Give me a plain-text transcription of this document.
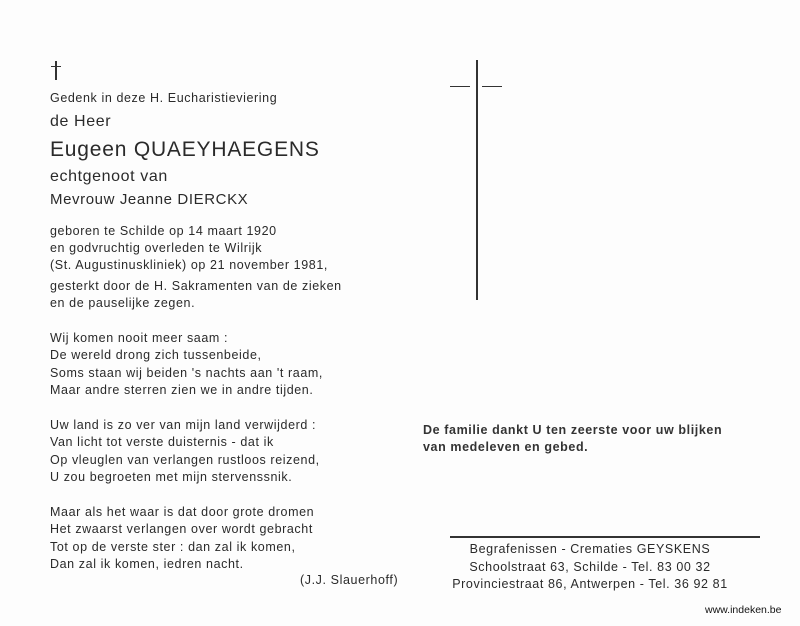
Gedenk in deze H. Eucharistieviering
de Heer
Eugeen QUAEYHAEGENS
echtgenoot van
Mevrouw Jeanne DIERCKX
geboren te Schilde op 14 maart 1920
en godvruchtig overleden te Wilrijk
(St. Augustinuskliniek) op 21 november 1981,
gesterkt door de H. Sakramenten van de zieken
en de pauselijke zegen.
Wij komen nooit meer saam :
De wereld drong zich tussenbeide,
Soms staan wij beiden 's nachts aan 't raam,
Maar andre sterren zien we in andre tijden.
Uw land is zo ver van mijn land verwijderd :
Van licht tot verste duisternis - dat ik
Op vleuglen van verlangen rustloos reizend,
U zou begroeten met mijn stervenssnik.
Maar als het waar is dat door grote dromen
Het zwaarst verlangen over wordt gebracht
Tot op de verste ster : dan zal ik komen,
Dan zal ik komen, iedren nacht.
(J.J. Slauerhoff)
De familie dankt U ten zeerste voor uw blijken
van medeleven en gebed.
Begrafenissen - Crematies GEYSKENS
Schoolstraat 63, Schilde - Tel. 83 00 32
Provinciestraat 86, Antwerpen - Tel. 36 92 81
www.indeken.be
